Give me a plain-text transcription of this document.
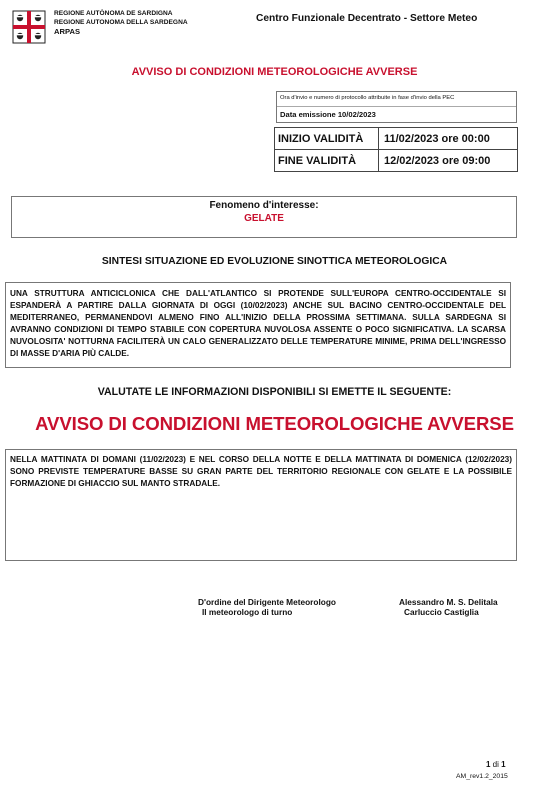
REGIONE AUTÒNOMA DE SARDIGNA
REGIONE AUTONOMA DELLA SARDEGNA
ARPAS
Centro Funzionale Decentrato - Settore Meteo
AVVISO DI CONDIZIONI METEOROLOGICHE AVVERSE
Ora d'invio e numero di protocollo attribuite in fase d'invio della PEC
Data emissione 10/02/2023
INIZIO VALIDITÀ	11/02/2023 ore 00:00
FINE VALIDITÀ	12/02/2023 ore 09:00
Fenomeno d'interesse:
GELATE
SINTESI SITUAZIONE ED EVOLUZIONE SINOTTICA METEOROLOGICA
UNA STRUTTURA ANTICICLONICA CHE DALL'ATLANTICO SI PROTENDE SULL'EUROPA CENTRO-OCCIDENTALE SI ESPANDERÀ A PARTIRE DALLA GIORNATA DI OGGI (10/02/2023) ANCHE SUL BACINO CENTRO-OCCIDENTALE DEL MEDITERRANEO, PERMANENDOVI ALMENO FINO ALL'INIZIO DELLA PROSSIMA SETTIMANA. SULLA SARDEGNA SI AVRANNO CONDIZIONI DI TEMPO STABILE CON COPERTURA NUVOLOSA ASSENTE O POCO SIGNIFICATIVA. LA SCARSA NUVOLOSITA' NOTTURNA FACILITERÀ UN CALO GENERALIZZATO DELLE TEMPERATURE MINIME, PRIMA DELL'INGRESSO DI MASSE D'ARIA PIÙ CALDE.
VALUTATE LE INFORMAZIONI DISPONIBILI SI EMETTE IL SEGUENTE:
AVVISO DI CONDIZIONI METEOROLOGICHE AVVERSE
NELLA MATTINATA DI DOMANI (11/02/2023) E NEL CORSO DELLA NOTTE E DELLA MATTINATA DI DOMENICA (12/02/2023) SONO PREVISTE TEMPERATURE BASSE SU GRAN PARTE DEL TERRITORIO REGIONALE CON GELATE E LA POSSIBILE FORMAZIONE DI GHIACCIO SUL MANTO STRADALE.
D'ordine del Dirigente Meteorologo
Il meteorologo di turno
Alessandro M. S. Delitala
Carluccio Castiglia
1 di 1
AM_rev1.2_2015
